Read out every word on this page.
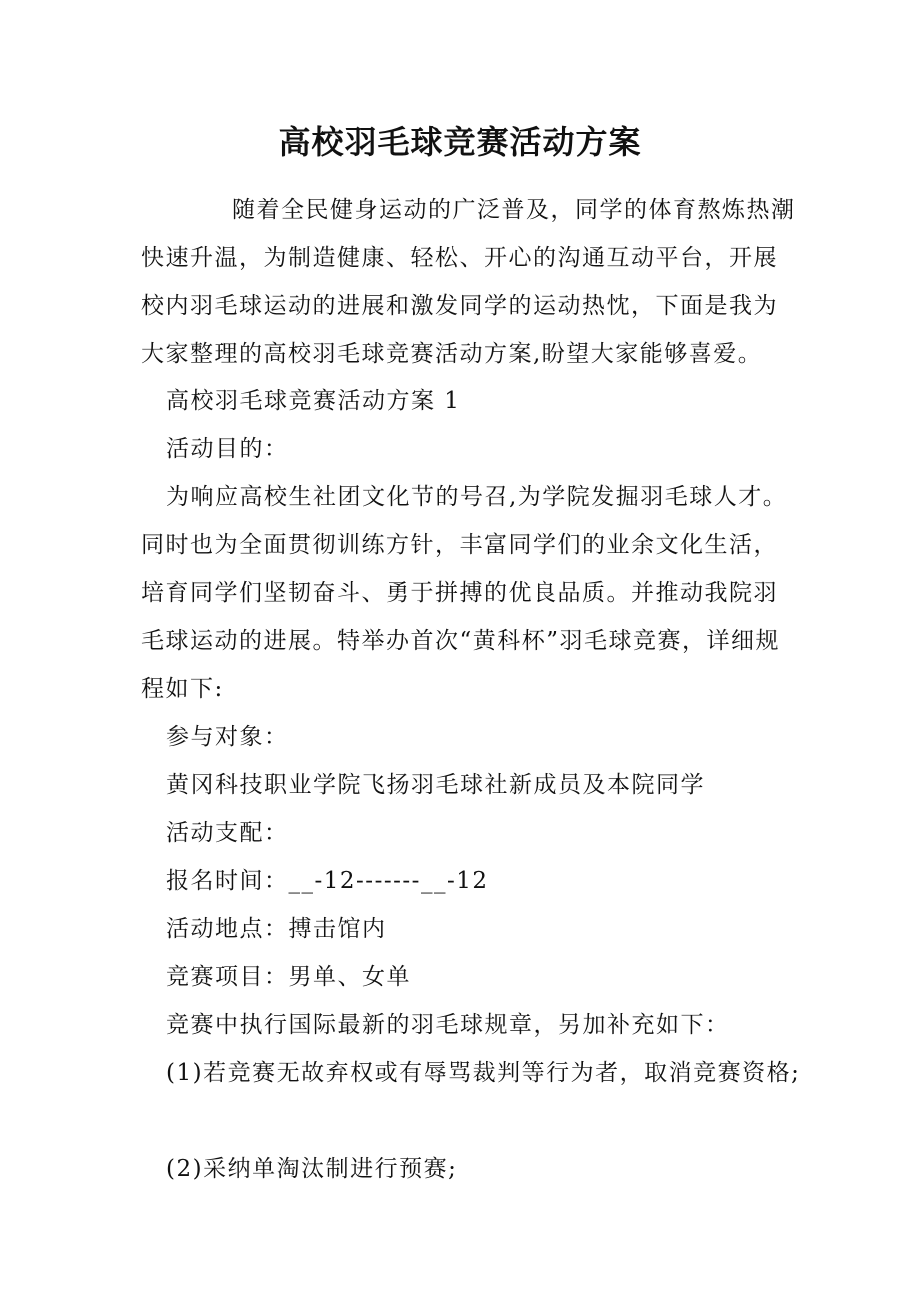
高校羽毛球竞赛活动方案

随着全民健身运动的广泛普及，同学的体育熬炼热潮快速升温，为制造健康、轻松、开心的沟通互动平台，开展校内羽毛球运动的进展和激发同学的运动热忱，下面是我为大家整理的高校羽毛球竞赛活动方案,盼望大家能够喜爱。

高校羽毛球竞赛活动方案 1

活动目的：

为响应高校生社团文化节的号召,为学院发掘羽毛球人才。同时也为全面贯彻训练方针，丰富同学们的业余文化生活，培育同学们坚韧奋斗、勇于拼搏的优良品质。并推动我院羽毛球运动的进展。特举办首次“黄科杯”羽毛球竞赛，详细规程如下:

参与对象：

黄冈科技职业学院飞扬羽毛球社新成员及本院同学

活动支配：

报名时间：__-12-------__-12

活动地点：搏击馆内

竞赛项目：男单、女单

竞赛中执行国际最新的羽毛球规章，另加补充如下：

(1)若竞赛无故弃权或有辱骂裁判等行为者，取消竞赛资格;

(2)采纳单淘汰制进行预赛;
